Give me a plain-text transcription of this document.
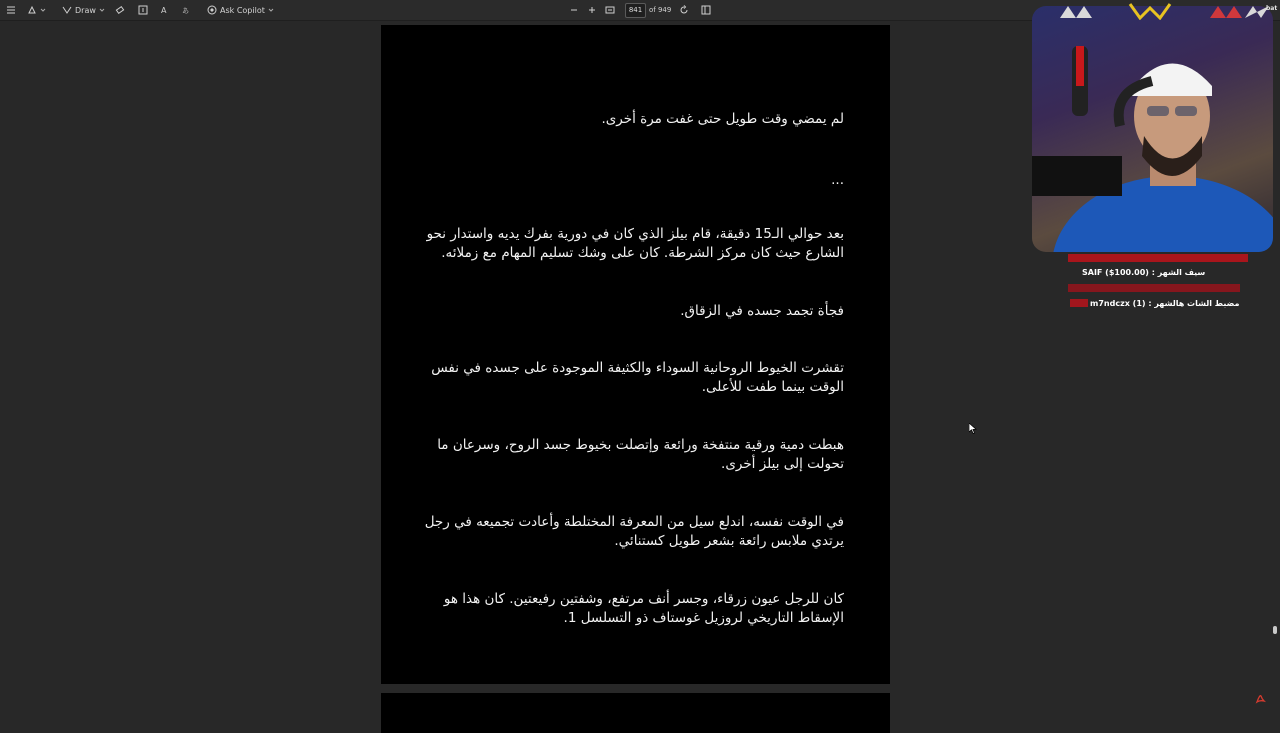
Draw	A あ	Ask Copilot	841 of 949
لم يمضي وقت طويل حتى غفت مرة أخرى.
...
بعد حوالي الـ15 دقيقة، قام بيلز الذي كان في دورية بفرك يديه واستدار نحو الشارع حيث كان مركز الشرطة. كان على وشك تسليم المهام مع زملائه.
فجأة تجمد جسده في الزقاق.
تقشرت الخيوط الروحانية السوداء والكثيفة الموجودة على جسده في نفس الوقت بينما طفت للأعلى.
هبطت دمية ورقية منتفخة ورائعة وإتصلت بخيوط جسد الروح، وسرعان ما تحولت إلى بيلز أخرى.
في الوقت نفسه، اندلع سيل من المعرفة المختلطة وأعادت تجميعه في رجل يرتدي ملابس رائعة بشعر طويل كستنائي.
كان للرجل عيون زرقاء، وجسر أنف مرتفع، وشفتين رفيعتين. كان هذا هو الإسقاط التاريخي لروزيل غوستاف ذو التسلسل 1.
bat
سيف الشهر : SAIF ($100.00)
مضبط الشات هالشهر : m7ndczx (1)
